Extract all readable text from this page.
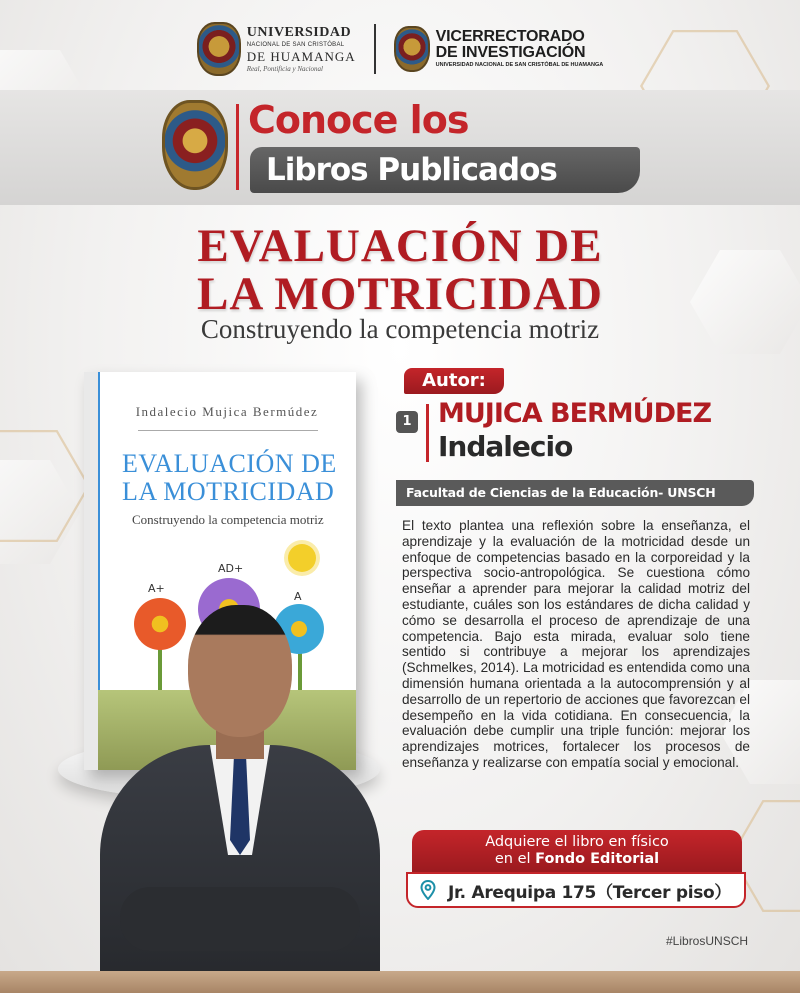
UNIVERSIDAD
NACIONAL DE SAN CRISTÓBAL
DE HUAMANGA
Real, Pontificia y Nacional
VICERRECTORADO
DE INVESTIGACIÓN
UNIVERSIDAD NACIONAL DE SAN CRISTÓBAL DE HUAMANGA
Conoce los
Libros Publicados
EVALUACIÓN DE
LA MOTRICIDAD
Construyendo la competencia motriz
Indalecio Mujica Bermúdez
EVALUACIÓN DE
LA MOTRICIDAD
Construyendo la competencia motriz
A+
AD+
A
Autor:
1 MUJICA BERMÚDEZ
Indalecio
Facultad de Ciencias de la Educación- UNSCH
El texto plantea una reflexión sobre la enseñanza, el aprendizaje y la evaluación de la motricidad desde un enfoque de competencias basado en la corporeidad y la perspectiva socio-antropológica. Se cuestiona cómo enseñar a aprender para mejorar la calidad motriz del estudiante, cuáles son los estándares de dicha calidad y cómo se desarrolla el proceso de aprendizaje de una competencia. Bajo esta mirada, evaluar solo tiene sentido si contribuye a mejorar los aprendizajes (Schmelkes, 2014). La motricidad es entendida como una dimensión humana orientada a la autocomprensión y al desarrollo de un repertorio de acciones que favorezcan el desempeño en la vida cotidiana. En consecuencia, la evaluación debe cumplir una triple función: mejorar los aprendizajes motrices, fortalecer los procesos de enseñanza y realizarse con empatía social y emocional.
Adquiere el libro en físico
en el Fondo Editorial
Jr. Arequipa 175（Tercer piso）
#LibrosUNSCH
